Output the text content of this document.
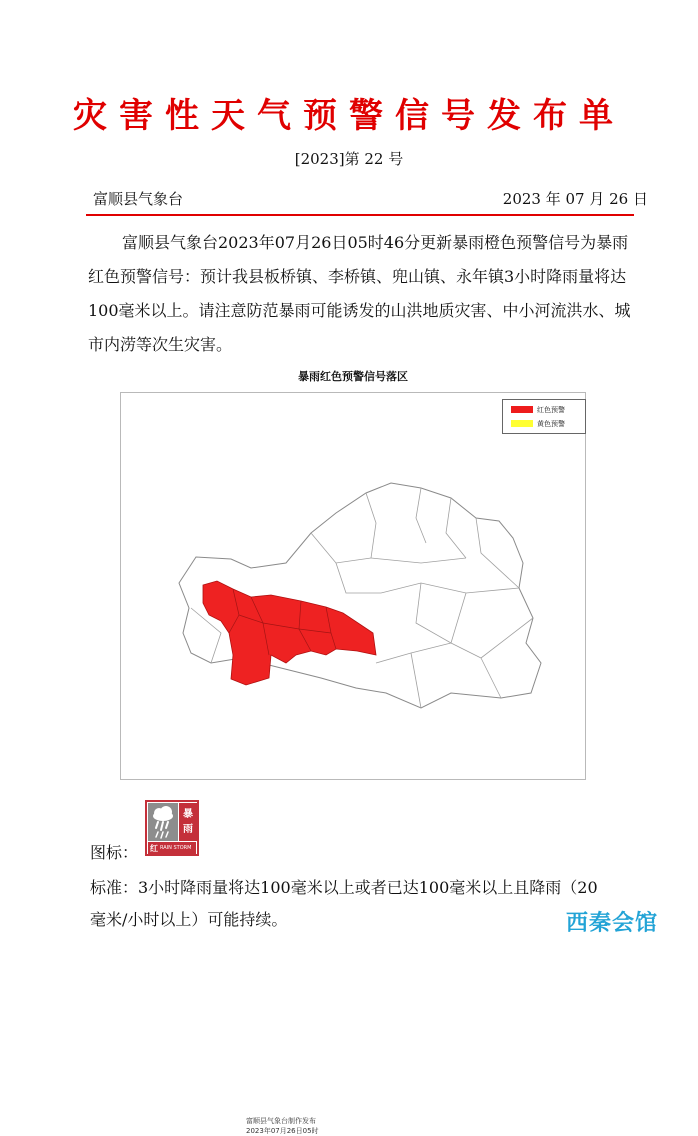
灾害性天气预警信号发布单
[2023]第 22 号
富顺县气象台	2023 年 07 月 26 日
富顺县气象台2023年07月26日05时46分更新暴雨橙色预警信号为暴雨红色预警信号：预计我县板桥镇、李桥镇、兜山镇、永年镇3小时降雨量将达100毫米以上。请注意防范暴雨可能诱发的山洪地质灾害、中小河流洪水、城市内涝等次生灾害。
暴雨红色预警信号落区
富顺县气象台制作发布
2023年07月26日05时
红色预警
黄色预警
图标：
暴
雨
红 RAIN STORM
标准：3小时降雨量将达100毫米以上或者已达100毫米以上且降雨（20毫米/小时以上）可能持续。	西秦会馆
